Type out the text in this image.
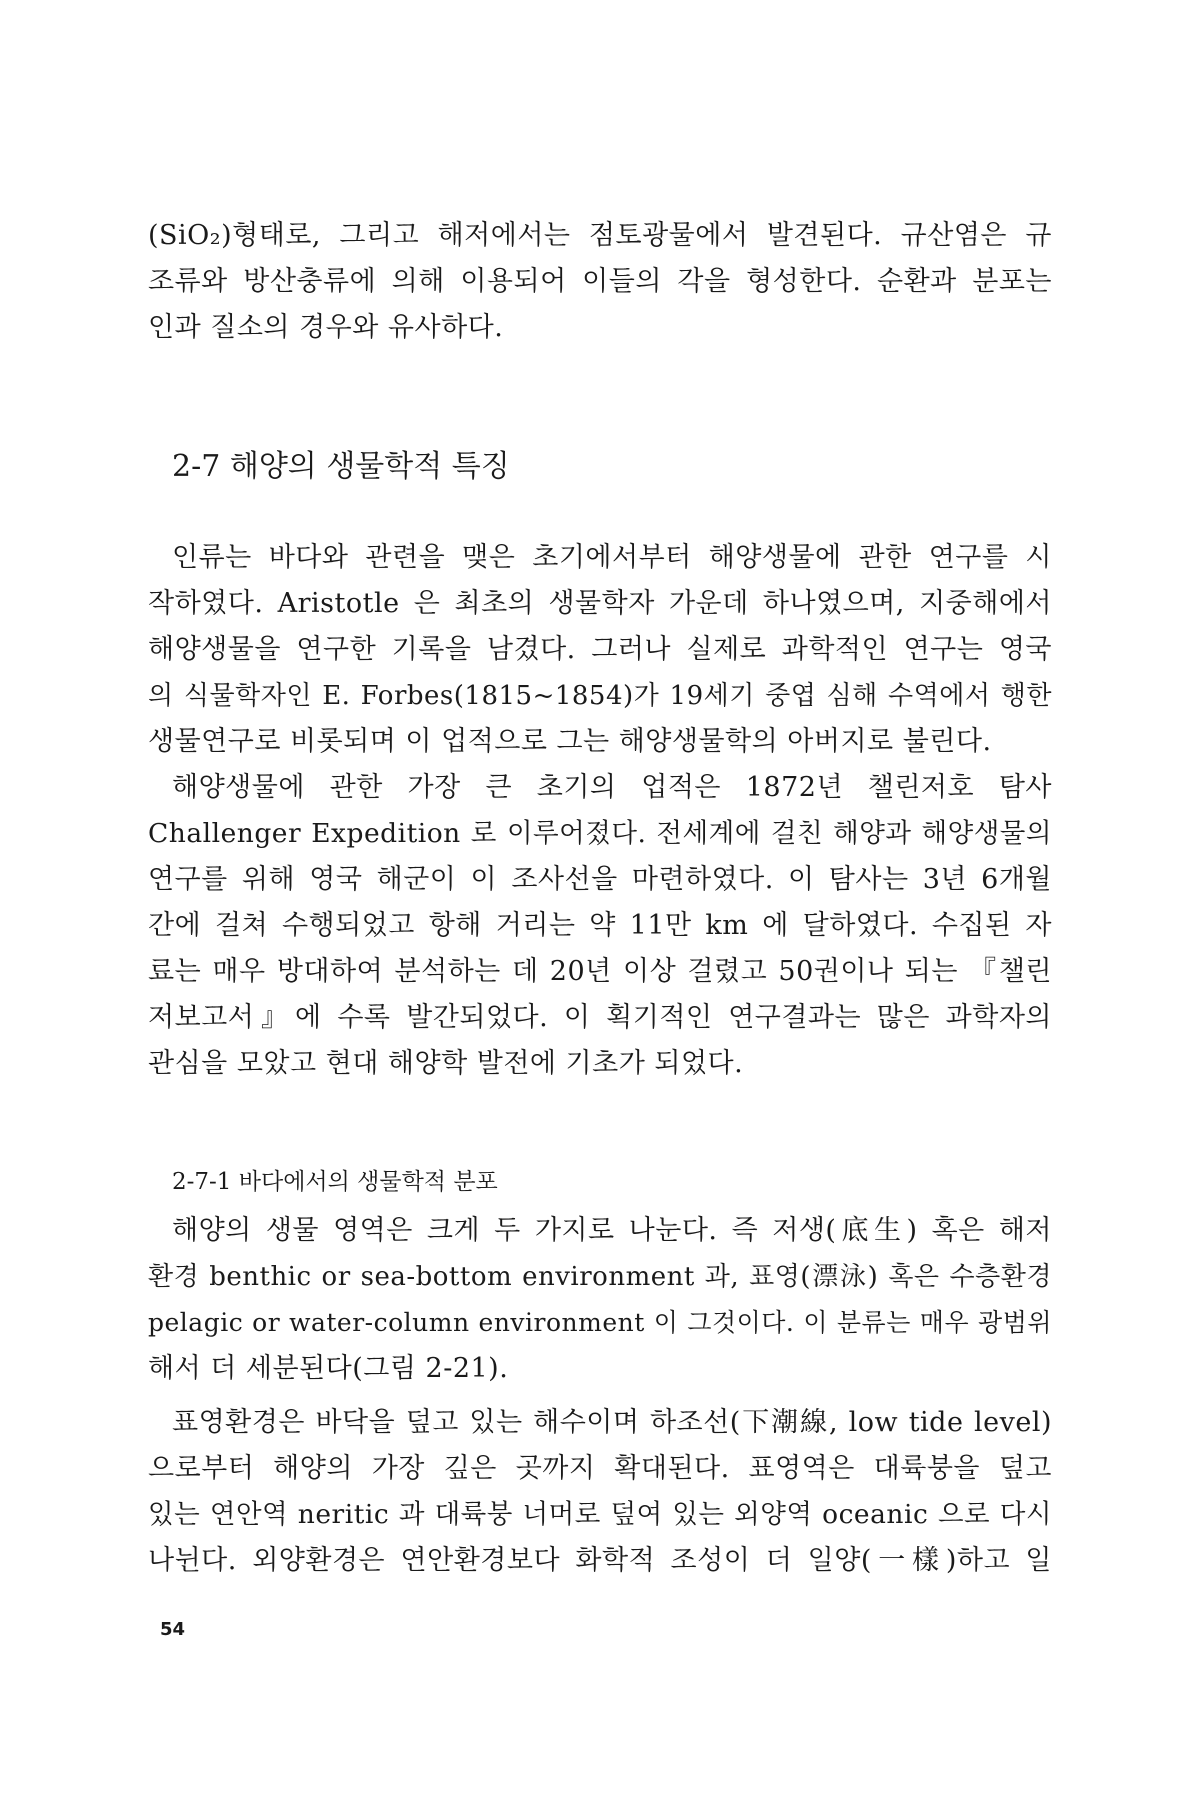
(SiO₂)형태로, 그리고 해저에서는 점토광물에서 발견된다. 규산염은 규
조류와 방산충류에 의해 이용되어 이들의 각을 형성한다. 순환과 분포는
인과 질소의 경우와 유사하다.
2-7 해양의 생물학적 특징
인류는 바다와 관련을 맺은 초기에서부터 해양생물에 관한 연구를 시
작하였다. Aristotle 은 최초의 생물학자 가운데 하나였으며, 지중해에서
해양생물을 연구한 기록을 남겼다. 그러나 실제로 과학적인 연구는 영국
의 식물학자인 E. Forbes(1815~1854)가 19세기 중엽 심해 수역에서 행한
생물연구로 비롯되며 이 업적으로 그는 해양생물학의 아버지로 불린다.
해양생물에 관한 가장 큰 초기의 업적은 1872년 챌린저호 탐사
Challenger Expedition 로 이루어졌다. 전세계에 걸친 해양과 해양생물의
연구를 위해 영국 해군이 이 조사선을 마련하였다. 이 탐사는 3년 6개월
간에 걸쳐 수행되었고 항해 거리는 약 11만 km 에 달하였다. 수집된 자
료는 매우 방대하여 분석하는 데 20년 이상 걸렸고 50권이나 되는 『챌린
저보고서』에 수록 발간되었다. 이 획기적인 연구결과는 많은 과학자의
관심을 모았고 현대 해양학 발전에 기초가 되었다.
2-7-1 바다에서의 생물학적 분포
해양의 생물 영역은 크게 두 가지로 나눈다. 즉 저생(底生) 혹은 해저
환경 benthic or sea-bottom environment 과, 표영(漂泳) 혹은 수층환경
pelagic or water-column environment 이 그것이다. 이 분류는 매우 광범위
해서 더 세분된다(그림 2-21).
표영환경은 바닥을 덮고 있는 해수이며 하조선(下潮線, low tide level)
으로부터 해양의 가장 깊은 곳까지 확대된다. 표영역은 대륙붕을 덮고
있는 연안역 neritic 과 대륙붕 너머로 덮여 있는 외양역 oceanic 으로 다시
나뉜다. 외양환경은 연안환경보다 화학적 조성이 더 일양(一樣)하고 일
54
